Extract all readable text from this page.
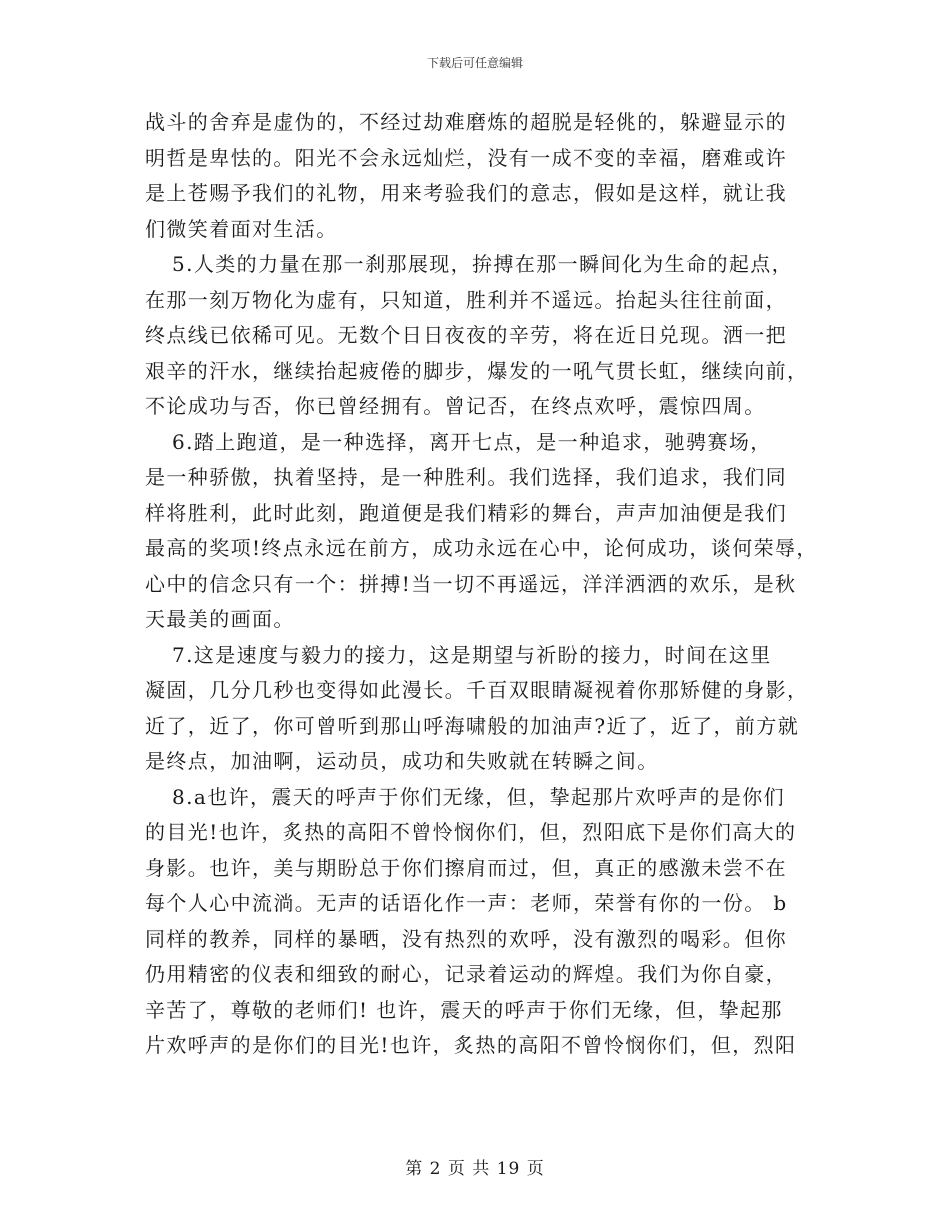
下载后可任意编辑
战斗的舍弃是虚伪的，不经过劫难磨炼的超脱是轻佻的，躲避显示的
明哲是卑怯的。阳光不会永远灿烂，没有一成不变的幸福，磨难或许
是上苍赐予我们的礼物，用来考验我们的意志，假如是这样，就让我
们微笑着面对生活。
5.人类的力量在那一刹那展现，拚搏在那一瞬间化为生命的起点，
在那一刻万物化为虚有，只知道，胜利并不遥远。抬起头往往前面，
终点线已依稀可见。无数个日日夜夜的辛劳，将在近日兑现。洒一把
艰辛的汗水，继续抬起疲倦的脚步，爆发的一吼气贯长虹，继续向前，
不论成功与否，你已曾经拥有。曾记否，在终点欢呼，震惊四周。
6.踏上跑道，是一种选择，离开七点，是一种追求，驰骋赛场，
是一种骄傲，执着坚持，是一种胜利。我们选择，我们追求，我们同
样将胜利，此时此刻，跑道便是我们精彩的舞台，声声加油便是我们
最高的奖项!终点永远在前方，成功永远在心中，论何成功，谈何荣辱，
心中的信念只有一个：拼搏!当一切不再遥远，洋洋洒洒的欢乐，是秋
天最美的画面。
7.这是速度与毅力的接力，这是期望与祈盼的接力，时间在这里
凝固，几分几秒也变得如此漫长。千百双眼睛凝视着你那矫健的身影，
近了，近了，你可曾听到那山呼海啸般的加油声?近了，近了，前方就
是终点，加油啊，运动员，成功和失败就在转瞬之间。
8.a也许，震天的呼声于你们无缘，但，挚起那片欢呼声的是你们
的目光!也许，炙热的高阳不曾怜悯你们，但，烈阳底下是你们高大的
身影。也许，美与期盼总于你们擦肩而过，但，真正的感激未尝不在
每个人心中流淌。无声的话语化作一声：老师，荣誉有你的一份。 b
同样的教养，同样的暴晒，没有热烈的欢呼，没有激烈的喝彩。但你
仍用精密的仪表和细致的耐心，记录着运动的辉煌。我们为你自豪，
辛苦了，尊敬的老师们! 也许，震天的呼声于你们无缘，但，挚起那
片欢呼声的是你们的目光!也许，炙热的高阳不曾怜悯你们，但，烈阳
第 2 页 共 19 页
